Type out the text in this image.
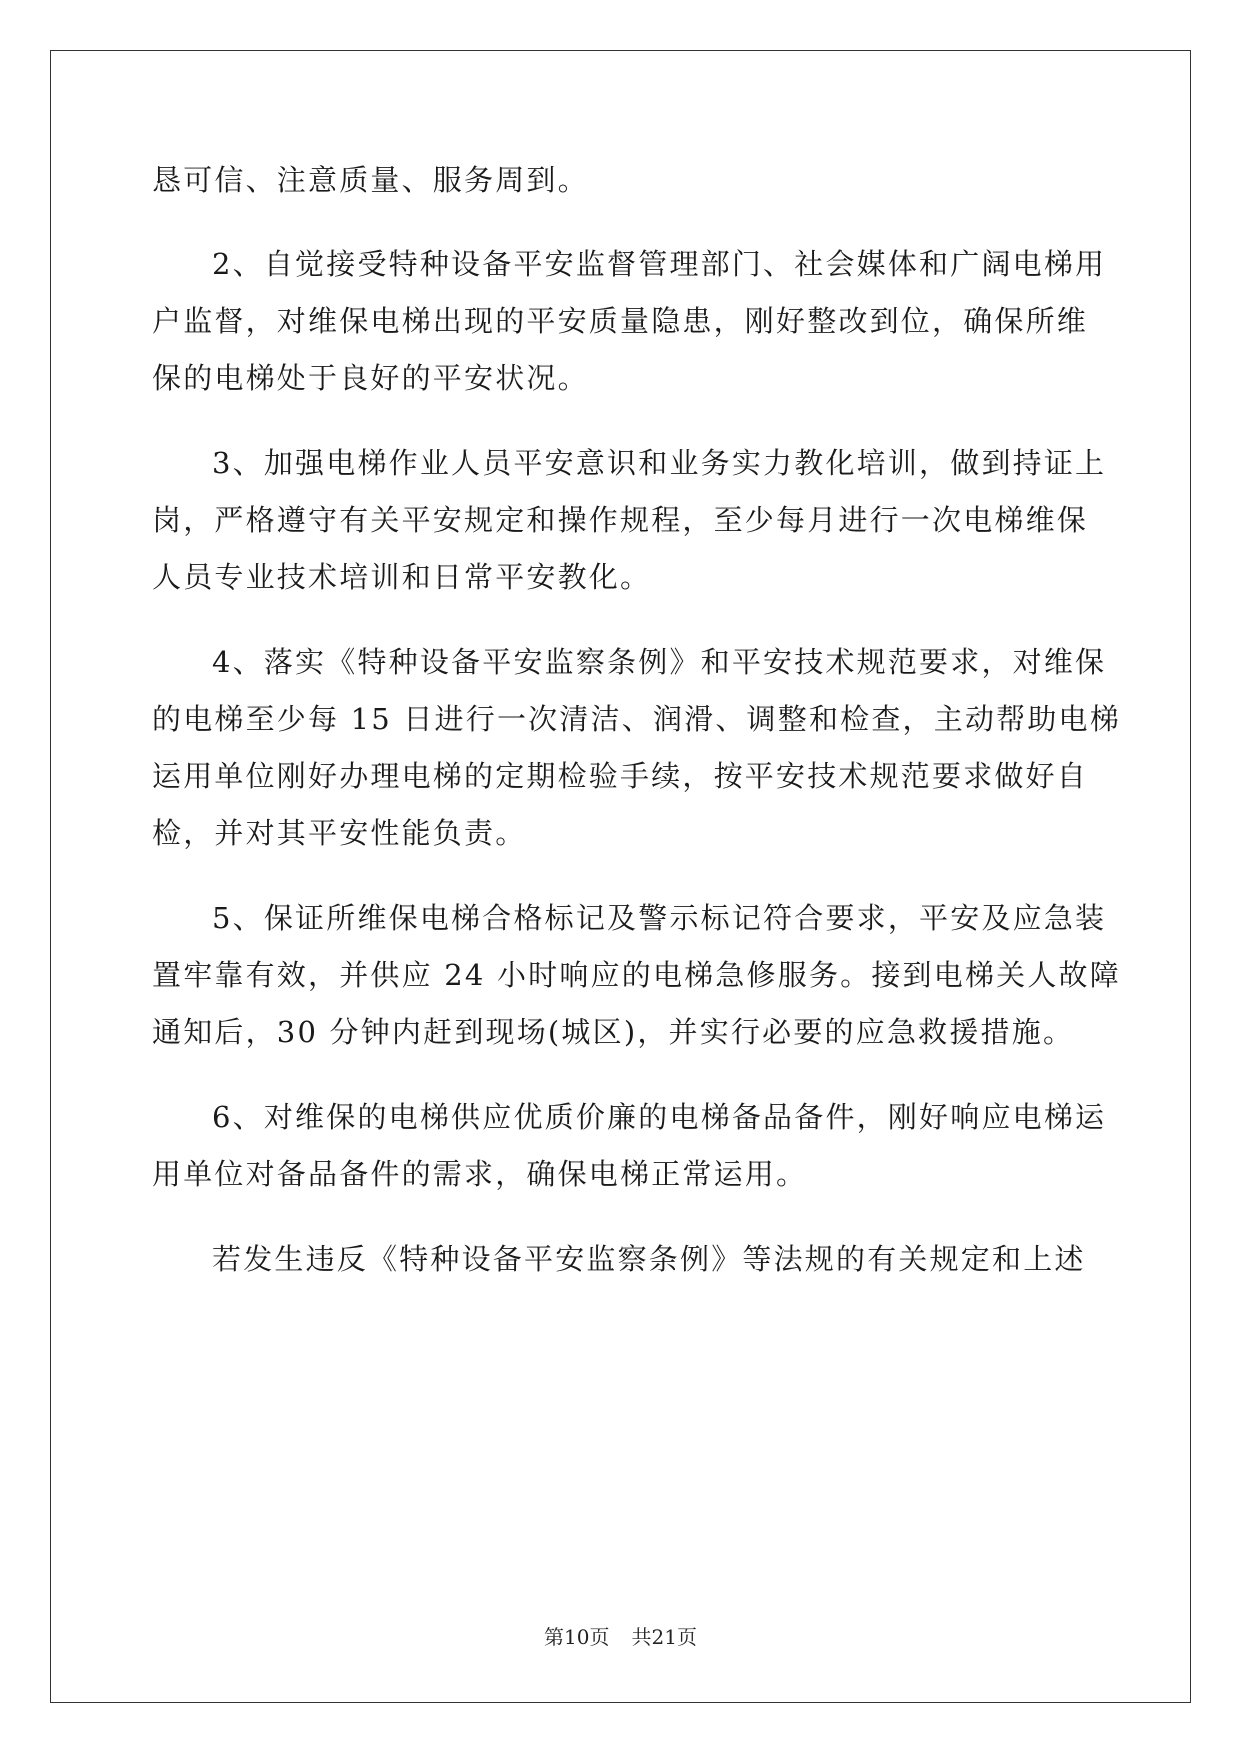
恳可信、注意质量、服务周到。
2、自觉接受特种设备平安监督管理部门、社会媒体和广阔电梯用
户监督，对维保电梯出现的平安质量隐患，刚好整改到位，确保所维
保的电梯处于良好的平安状况。
3、加强电梯作业人员平安意识和业务实力教化培训，做到持证上
岗，严格遵守有关平安规定和操作规程，至少每月进行一次电梯维保
人员专业技术培训和日常平安教化。
4、落实《特种设备平安监察条例》和平安技术规范要求，对维保
的电梯至少每 15 日进行一次清洁、润滑、调整和检查，主动帮助电梯
运用单位刚好办理电梯的定期检验手续，按平安技术规范要求做好自
检，并对其平安性能负责。
5、保证所维保电梯合格标记及警示标记符合要求，平安及应急装
置牢靠有效，并供应 24 小时响应的电梯急修服务。接到电梯关人故障
通知后，30 分钟内赶到现场(城区)，并实行必要的应急救援措施。
6、对维保的电梯供应优质价廉的电梯备品备件，刚好响应电梯运
用单位对备品备件的需求，确保电梯正常运用。
若发生违反《特种设备平安监察条例》等法规的有关规定和上述
第10页 共21页
